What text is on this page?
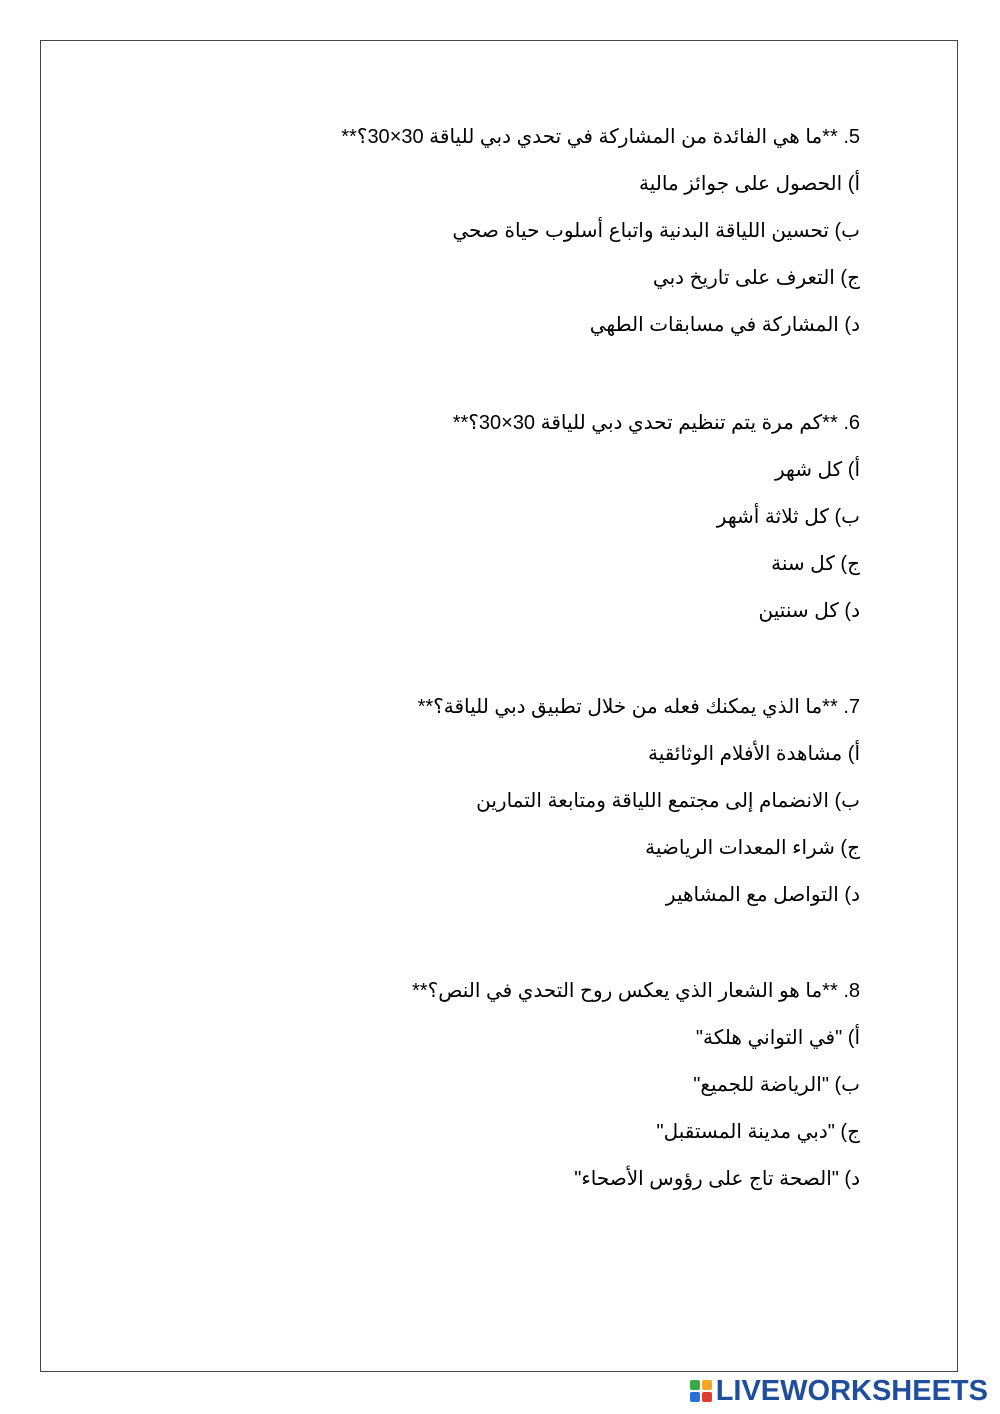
5. **ما هي الفائدة من المشاركة في تحدي دبي للياقة 30×30؟**
أ) الحصول على جوائز مالية
ب) تحسين اللياقة البدنية واتباع أسلوب حياة صحي
ج) التعرف على تاريخ دبي
د) المشاركة في مسابقات الطهي
6. **كم مرة يتم تنظيم تحدي دبي للياقة 30×30؟**
أ) كل شهر
ب) كل ثلاثة أشهر
ج) كل سنة
د) كل سنتين
7. **ما الذي يمكنك فعله من خلال تطبيق دبي للياقة؟**
أ) مشاهدة الأفلام الوثائقية
ب) الانضمام إلى مجتمع اللياقة ومتابعة التمارين
ج) شراء المعدات الرياضية
د) التواصل مع المشاهير
8. **ما هو الشعار الذي يعكس روح التحدي في النص؟**
أ) "في التواني هلكة"
ب) "الرياضة للجميع"
ج) "دبي مدينة المستقبل"
د) "الصحة تاج على رؤوس الأصحاء"
LIVEWORKSHEETS
